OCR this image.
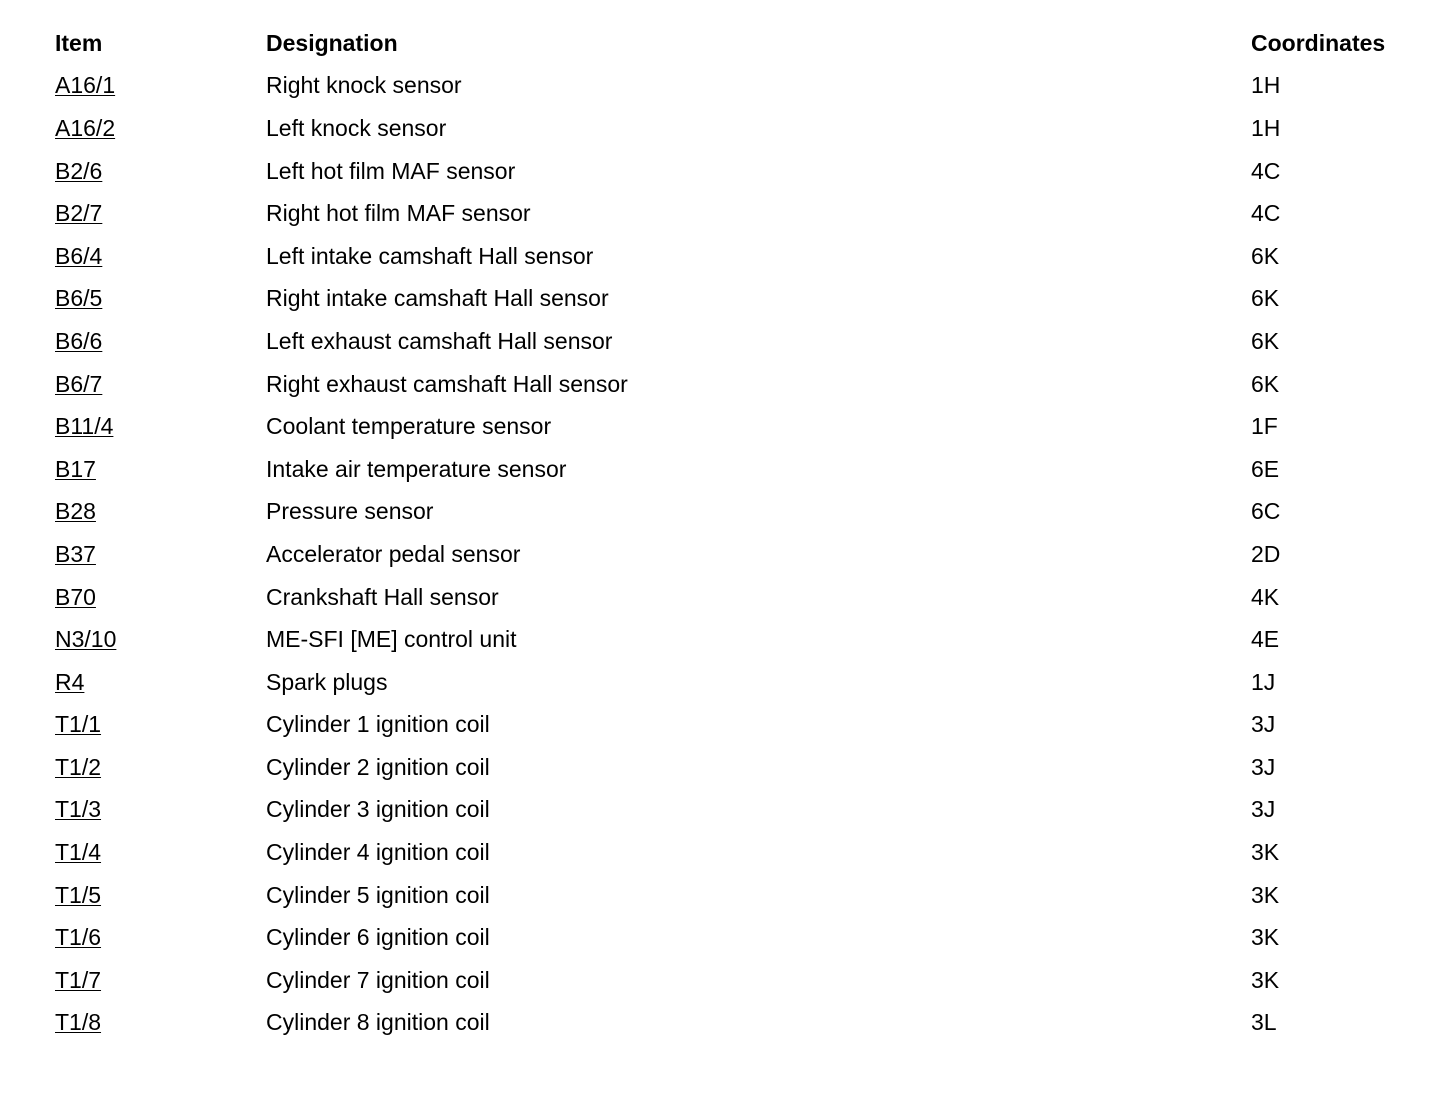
Item	Designation	Coordinates
A16/1	Right knock sensor	1H
A16/2	Left knock sensor	1H
B2/6	Left hot film MAF sensor	4C
B2/7	Right hot film MAF sensor	4C
B6/4	Left intake camshaft Hall sensor	6K
B6/5	Right intake camshaft Hall sensor	6K
B6/6	Left exhaust camshaft Hall sensor	6K
B6/7	Right exhaust camshaft Hall sensor	6K
B11/4	Coolant temperature sensor	1F
B17	Intake air temperature sensor	6E
B28	Pressure sensor	6C
B37	Accelerator pedal sensor	2D
B70	Crankshaft Hall sensor	4K
N3/10	ME-SFI [ME] control unit	4E
R4	Spark plugs	1J
T1/1	Cylinder 1 ignition coil	3J
T1/2	Cylinder 2 ignition coil	3J
T1/3	Cylinder 3 ignition coil	3J
T1/4	Cylinder 4 ignition coil	3K
T1/5	Cylinder 5 ignition coil	3K
T1/6	Cylinder 6 ignition coil	3K
T1/7	Cylinder 7 ignition coil	3K
T1/8	Cylinder 8 ignition coil	3L
